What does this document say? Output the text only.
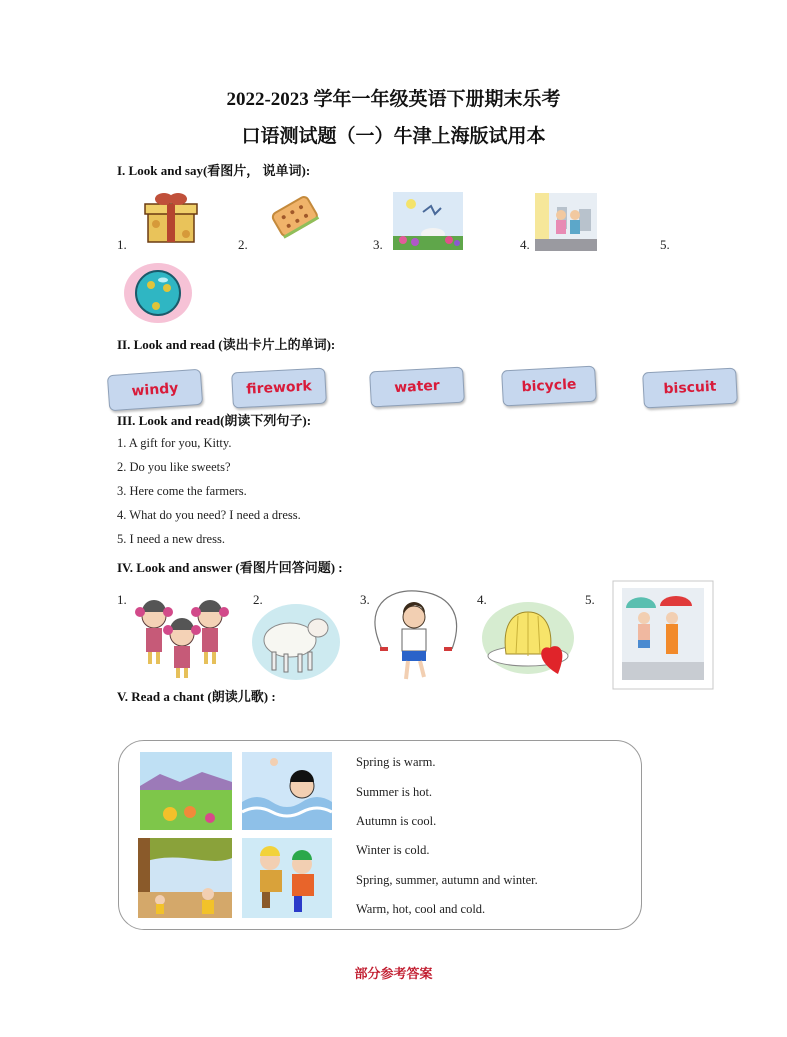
2022-2023 学年一年级英语下册期末乐考
口语测试题（一）牛津上海版试用本
I. Look and say(看图片， 说单词):
1.	2.	3.	4.	5.
II. Look and read (读出卡片上的单词):
windy	firework	water	bicycle	biscuit
III. Look and read(朗读下列句子):
1. A gift for you, Kitty.
2. Do you like sweets?
3. Here come the farmers.
4. What do you need? I need a dress.
5. I need a new dress.
IV. Look and answer (看图片回答问题) :
1.	2.	3.	4.	5.
V. Read a chant (朗读儿歌) :
Spring is warm.
Summer is hot.
Autumn is cool.
Winter is cold.
Spring, summer, autumn and winter.
Warm, hot, cool and cold.
部分参考答案
